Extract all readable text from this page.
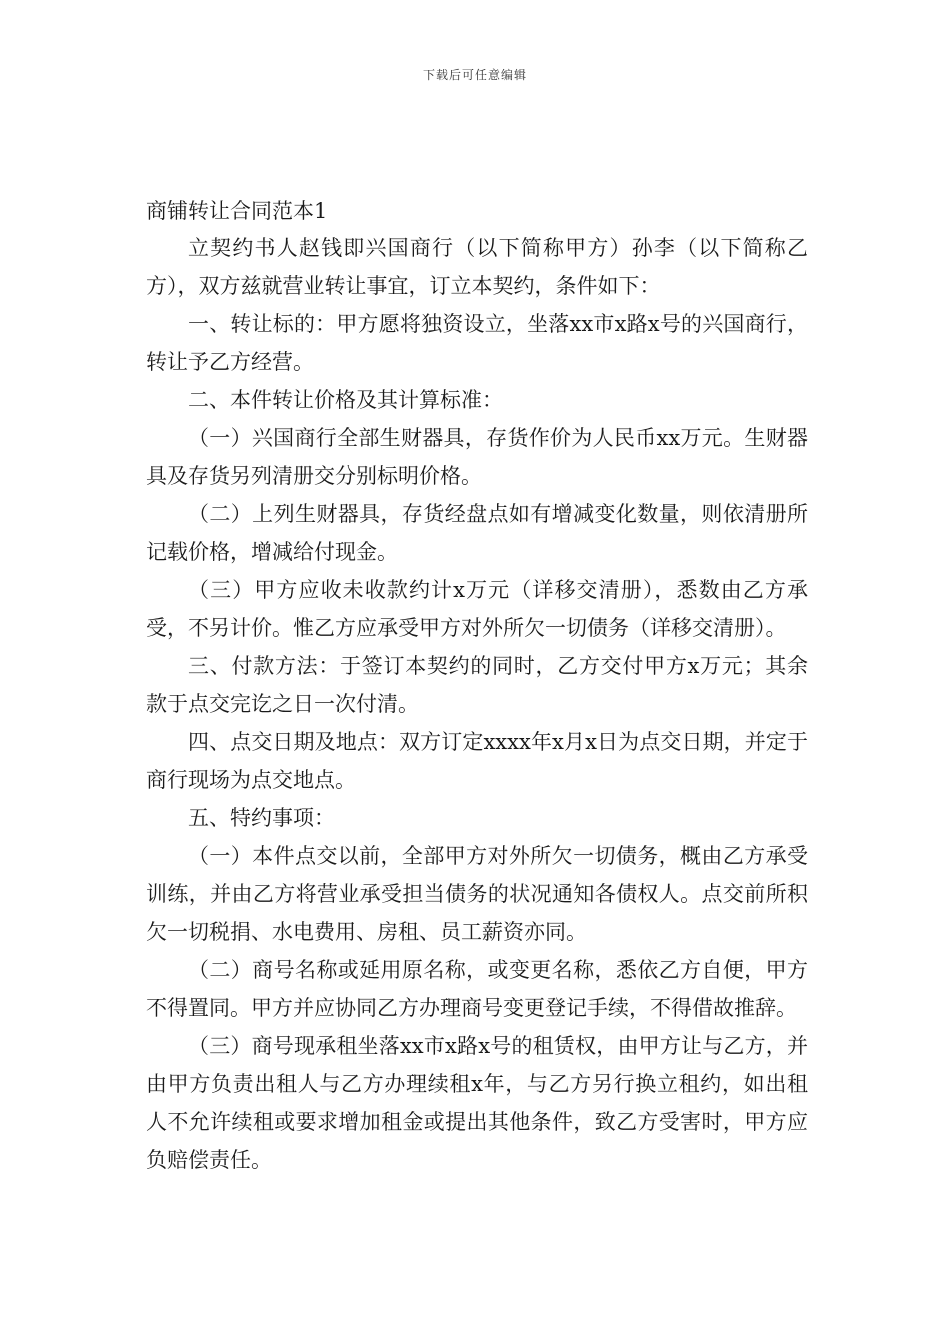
下载后可任意编辑
商铺转让合同范本1

立契约书人赵钱即兴国商行（以下简称甲方）孙李（以下简称乙方），双方兹就营业转让事宜，订立本契约，条件如下：

一、转让标的：甲方愿将独资设立，坐落xx市x路x号的兴国商行，转让予乙方经营。

二、本件转让价格及其计算标准：

（一）兴国商行全部生财器具，存货作价为人民币xx万元。生财器具及存货另列清册交分别标明价格。

（二）上列生财器具，存货经盘点如有增减变化数量，则依清册所记载价格，增减给付现金。

（三）甲方应收未收款约计x万元（详移交清册），悉数由乙方承受，不另计价。惟乙方应承受甲方对外所欠一切债务（详移交清册）。

三、付款方法：于签订本契约的同时，乙方交付甲方x万元；其余款于点交完讫之日一次付清。

四、点交日期及地点：双方订定xxxx年x月x日为点交日期，并定于商行现场为点交地点。

五、特约事项：

（一）本件点交以前，全部甲方对外所欠一切债务，概由乙方承受训练，并由乙方将营业承受担当债务的状况通知各债权人。点交前所积欠一切税捐、水电费用、房租、员工薪资亦同。

（二）商号名称或延用原名称，或变更名称，悉依乙方自便，甲方不得置同。甲方并应协同乙方办理商号变更登记手续，不得借故推辞。

（三）商号现承租坐落xx市x路x号的租赁权，由甲方让与乙方，并由甲方负责出租人与乙方办理续租x年，与乙方另行换立租约，如出租人不允许续租或要求增加租金或提出其他条件，致乙方受害时，甲方应负赔偿责任。
